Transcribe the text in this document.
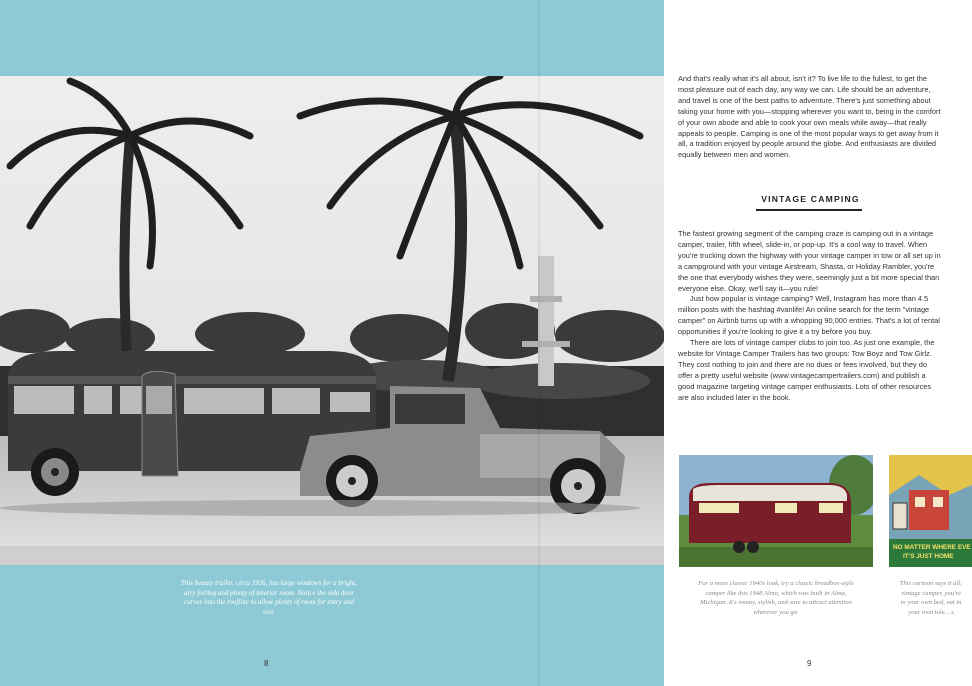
This beauty trailer, circa 1926, has large windows for a bright, airy feeling and plenty of interior room. Notice the side door curves into the roofline to allow plenty of room for entry and exit.
8

And that's really what it's all about, isn't it? To live life to the fullest, to get the most pleasure out of each day, any way we can. Life should be an adventure, and travel is one of the best paths to adventure. There's just something about taking your home with you—stopping wherever you want to, being in the comfort of your own abode and able to cook your own meals while away—that really appeals to people. Camping is one of the most popular ways to get away from it all, a tradition enjoyed by people around the globe. And enthusiasts are divided equally between men and women.

VINTAGE CAMPING

The fastest growing segment of the camping craze is camping out in a vintage camper, trailer, fifth wheel, slide-in, or pop-up. It's a cool way to travel. When you're trucking down the highway with your vintage camper in tow or all set up in a campground with your vintage Airstream, Shasta, or Holiday Rambler, you're the one that everybody wishes they were, seemingly just a bit more special than everyone else. Okay, we'll say it—you rule!

Just how popular is vintage camping? Well, Instagram has more than 4.5 million posts with the hashtag #vanlife! An online search for the term "vintage camper" on Airbnb turns up with a whopping 90,000 entries. That's a lot of rental opportunities if you're looking to give it a try before you buy.

There are lots of vintage camper clubs to join too. As just one example, the website for Vintage Camper Trailers has two groups: Tow Boyz and Tow Girlz. They cost nothing to join and there are no dues or fees involved, but they do offer a pretty useful website (www.vintagecampertrailers.com) and publish a good magazine targeting vintage camper enthusiasts. Lots of other resources are also included later in the book.

9
NO MATTER WHERE EVE
IT'S JUST HOME
For a more classic 1940s look, try a classic breadbox-style camper like this 1948 Alma, which was built in Alma, Michigan. It's roomy, stylish, and sure to attract attention wherever you go.
This cartoon says it all;
vintage camper, you're
in your own bed, eat in
your own tole... s
